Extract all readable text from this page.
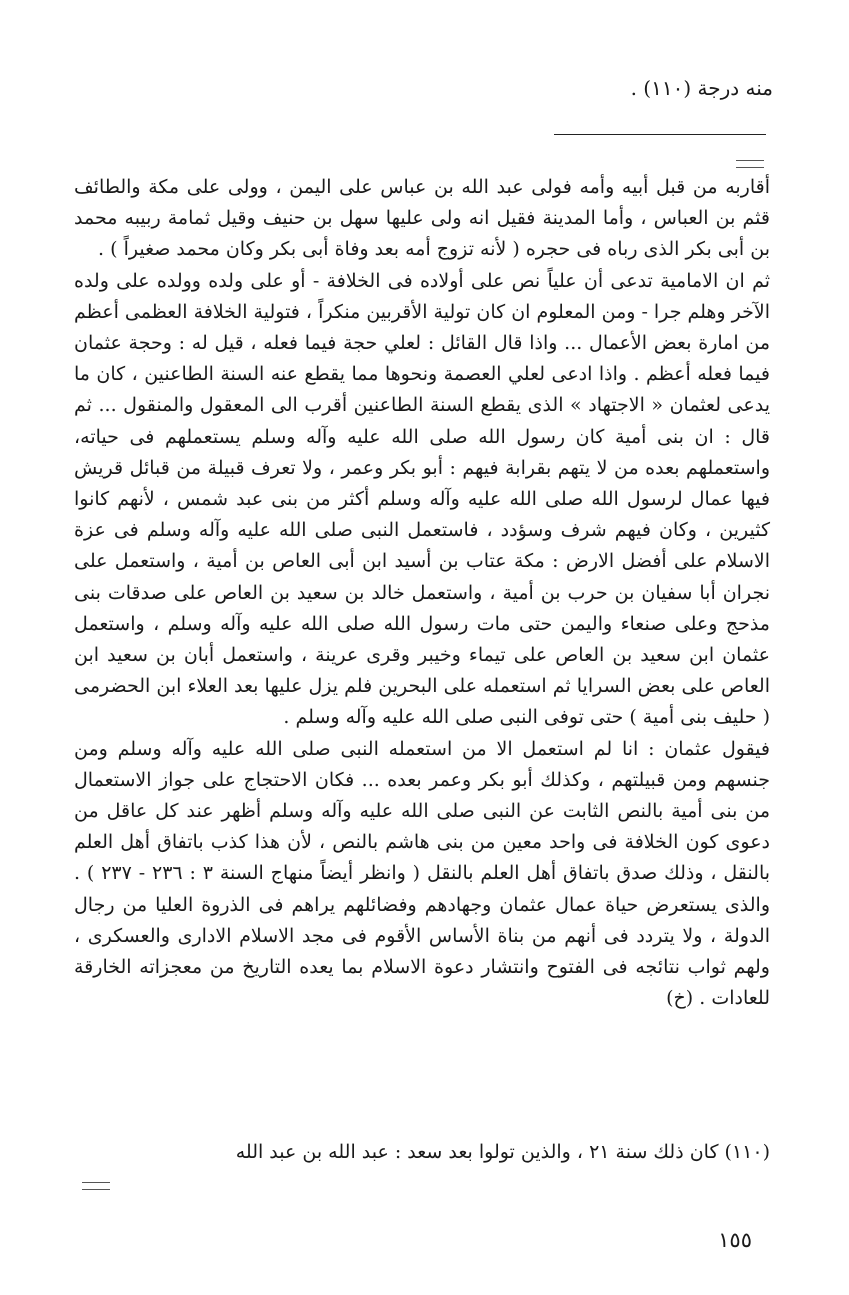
منه درجة (١١٠) .

أقاربه من قبل أبيه وأمه فولى عبد الله بن عباس على اليمن ، وولى على مكة والطائف قثم بن العباس ، وأما المدينة فقيل انه ولى عليها سهل بن حنيف وقيل ثمامة ربيبه محمد بن أبى بكر الذى رباه فى حجره ( لأنه تزوج أمه بعد وفاة أبى بكر وكان محمد صغيراً ) .

ثم ان الامامية تدعى أن علياً نص على أولاده فى الخلافة - أو على ولده وولده على ولده الآخر وهلم جرا - ومن المعلوم ان كان تولية الأقربين منكراً ، فتولية الخلافة العظمى أعظم من امارة بعض الأعمال ... واذا قال القائل : لعلي حجة فيما فعله ، قيل له : وحجة عثمان فيما فعله أعظم . واذا ادعى لعلي العصمة ونحوها مما يقطع عنه السنة الطاعنين ، كان ما يدعى لعثمان « الاجتهاد » الذى يقطع السنة الطاعنين أقرب الى المعقول والمنقول ... ثم قال : ان بنى أمية كان رسول الله صلى الله عليه وآله وسلم يستعملهم فى حياته، واستعملهم بعده من لا يتهم بقرابة فيهم : أبو بكر وعمر ، ولا تعرف قبيلة من قبائل قريش فيها عمال لرسول الله صلى الله عليه وآله وسلم أكثر من بنى عبد شمس ، لأنهم كانوا كثيرين ، وكان فيهم شرف وسؤدد ، فاستعمل النبى صلى الله عليه وآله وسلم فى عزة الاسلام على أفضل الارض : مكة عتاب بن أسيد ابن أبى العاص بن أمية ، واستعمل على نجران أبا سفيان بن حرب بن أمية ، واستعمل خالد بن سعيد بن العاص على صدقات بنى مذحج وعلى صنعاء واليمن حتى مات رسول الله صلى الله عليه وآله وسلم ، واستعمل عثمان ابن سعيد بن العاص على تيماء وخيبر وقرى عرينة ، واستعمل أبان بن سعيد ابن العاص على بعض السرايا ثم استعمله على البحرين فلم يزل عليها بعد العلاء ابن الحضرمى ( حليف بنى أمية ) حتى توفى النبى صلى الله عليه وآله وسلم .

فيقول عثمان : انا لم استعمل الا من استعمله النبى صلى الله عليه وآله وسلم ومن جنسهم ومن قبيلتهم ، وكذلك أبو بكر وعمر بعده ... فكان الاحتجاج على جواز الاستعمال من بنى أمية بالنص الثابت عن النبى صلى الله عليه وآله وسلم أظهر عند كل عاقل من دعوى كون الخلافة فى واحد معين من بنى هاشم بالنص ، لأن هذا كذب باتفاق أهل العلم بالنقل ، وذلك صدق باتفاق أهل العلم بالنقل ( وانظر أيضاً منهاج السنة ٣ : ٢٣٦ - ٢٣٧ ) . والذى يستعرض حياة عمال عثمان وجهادهم وفضائلهم يراهم فى الذروة العليا من رجال الدولة ، ولا يتردد فى أنهم من بناة الأساس الأقوم فى مجد الاسلام الادارى والعسكرى ، ولهم ثواب نتائجه فى الفتوح وانتشار دعوة الاسلام بما يعده التاريخ من معجزاته الخارقة للعادات . (خ)

(١١٠) كان ذلك سنة ٢١ ، والذين تولوا بعد سعد : عبد الله بن عبد الله
١٥٥
